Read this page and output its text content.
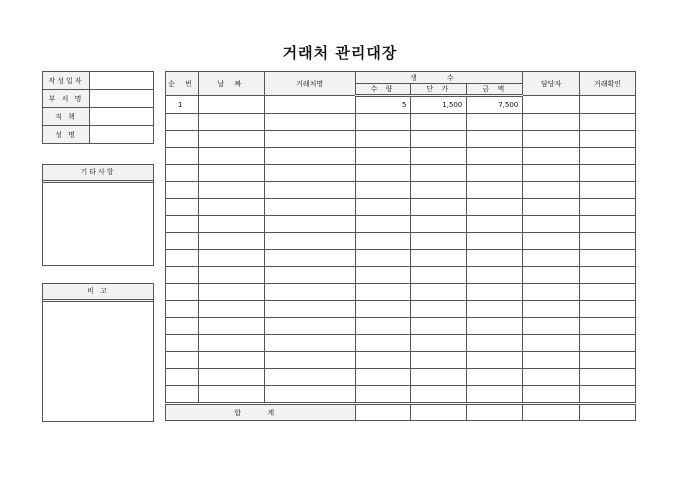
거래처 관리대장
작성일자	
부 서 명	
직 책	
성 명	
기타사항
비 고
순 번	날 짜	거래처명	생 수			담당자	거래확인
			수 량	단 가	금 액		
1			5	1,500	7,500		

합 계							
